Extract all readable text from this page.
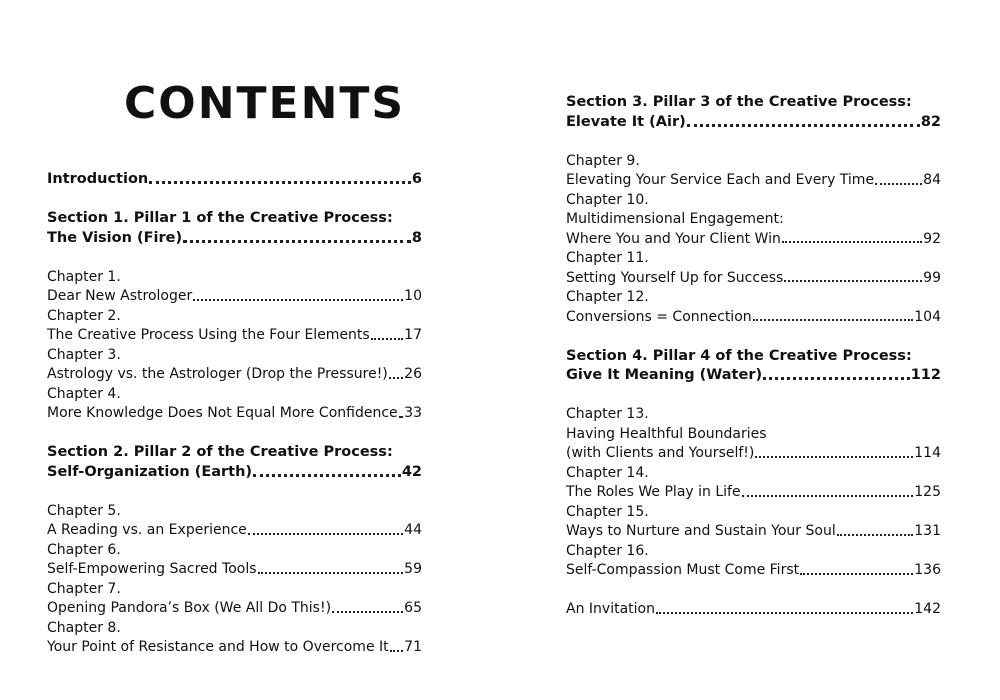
CONTENTS
Introduction	6
Section 1. Pillar 1 of the Creative Process:
The Vision (Fire)	8
Chapter 1.
Dear New Astrologer	10
Chapter 2.
The Creative Process Using the Four Elements 17
Chapter 3.
Astrology vs. the Astrologer (Drop the Pressure!) 26
Chapter 4.
More Knowledge Does Not Equal More Confidence 33
Section 2. Pillar 2 of the Creative Process:
Self-Organization (Earth)	42
Chapter 5.
A Reading vs. an Experience	44
Chapter 6.
Self-Empowering Sacred Tools	59
Chapter 7.
Opening Pandora’s Box (We All Do This!)	65
Chapter 8.
Your Point of Resistance and How to Overcome It 71
Section 3. Pillar 3 of the Creative Process:
Elevate It (Air)	82
Chapter 9.
Elevating Your Service Each and Every Time	84
Chapter 10.
Multidimensional Engagement:
Where You and Your Client Win	92
Chapter 11.
Setting Yourself Up for Success	99
Chapter 12.
Conversions = Connection	104
Section 4. Pillar 4 of the Creative Process:
Give It Meaning (Water)	112
Chapter 13.
Having Healthful Boundaries
(with Clients and Yourself!)	114
Chapter 14.
The Roles We Play in Life	125
Chapter 15.
Ways to Nurture and Sustain Your Soul	131
Chapter 16.
Self-Compassion Must Come First	136
An Invitation	142
